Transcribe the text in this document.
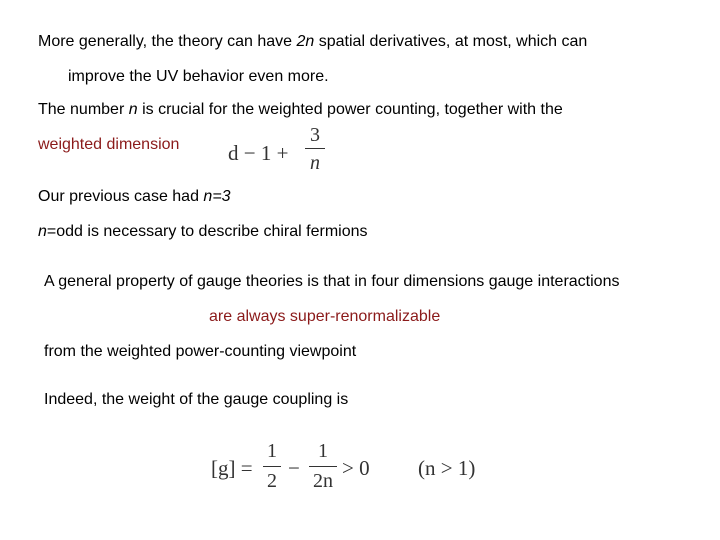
More generally, the theory can have 2n spatial derivatives, at most, which can
improve the UV behavior even more.
The number n is crucial for the weighted power counting, together with the
weighted dimension d − 1 +
3
n
Our previous case had n=3
n=odd is necessary to describe chiral fermions
A general property of gauge theories is that in four dimensions gauge interactions
are always super-renormalizable
from the weighted power-counting viewpoint
Indeed, the weight of the gauge coupling is
[g] =
1
2
−
1
2n
> 0 (n > 1)
